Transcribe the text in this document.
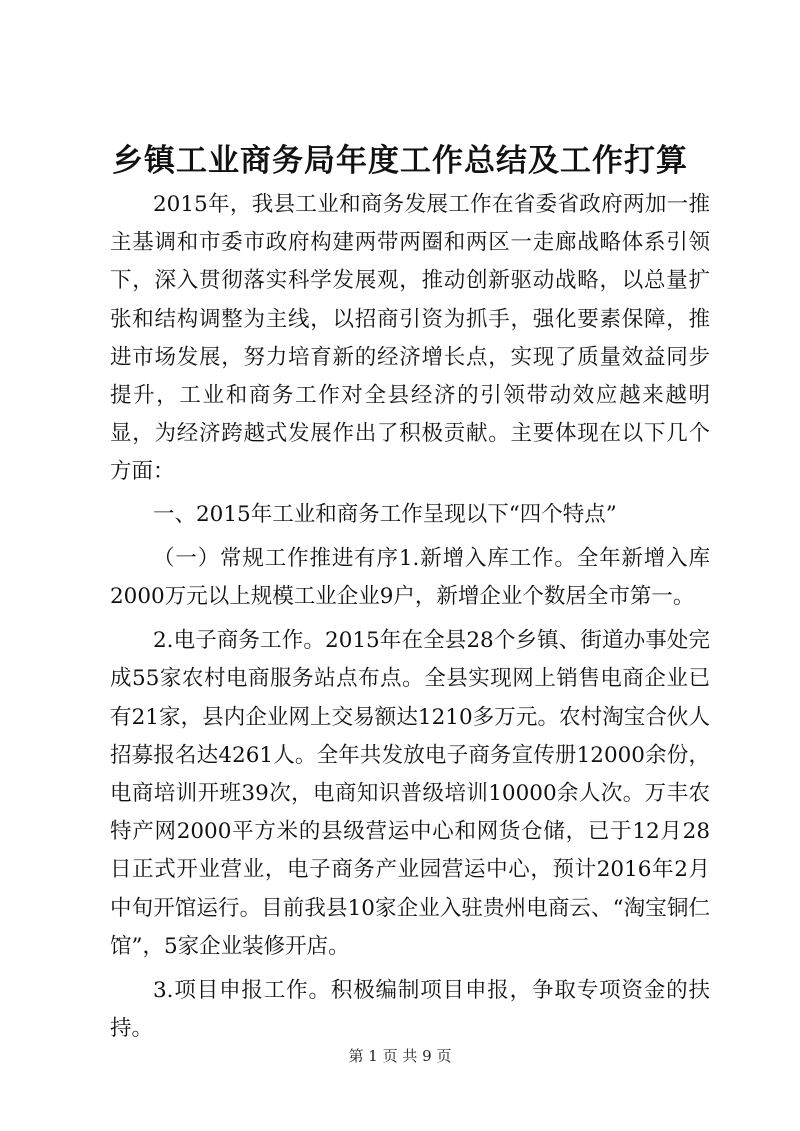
乡镇工业商务局年度工作总结及工作打算

2015年，我县工业和商务发展工作在省委省政府两加一推主基调和市委市政府构建两带两圈和两区一走廊战略体系引领下，深入贯彻落实科学发展观，推动创新驱动战略，以总量扩张和结构调整为主线，以招商引资为抓手，强化要素保障，推进市场发展，努力培育新的经济增长点，实现了质量效益同步提升，工业和商务工作对全县经济的引领带动效应越来越明显，为经济跨越式发展作出了积极贡献。主要体现在以下几个方面：

一、2015年工业和商务工作呈现以下“四个特点”

（一）常规工作推进有序1.新增入库工作。全年新增入库2000万元以上规模工业企业9户，新增企业个数居全市第一。

2.电子商务工作。2015年在全县28个乡镇、街道办事处完成55家农村电商服务站点布点。全县实现网上销售电商企业已有21家，县内企业网上交易额达1210多万元。农村淘宝合伙人招募报名达4261人。全年共发放电子商务宣传册12000余份，电商培训开班39次，电商知识普级培训10000余人次。万丰农特产网2000平方米的县级营运中心和网货仓储，已于12月28日正式开业营业，电子商务产业园营运中心，预计2016年2月中旬开馆运行。目前我县10家企业入驻贵州电商云、“淘宝铜仁馆”，5家企业装修开店。

3.项目申报工作。积极编制项目申报，争取专项资金的扶持。

第 1 页 共 9 页
